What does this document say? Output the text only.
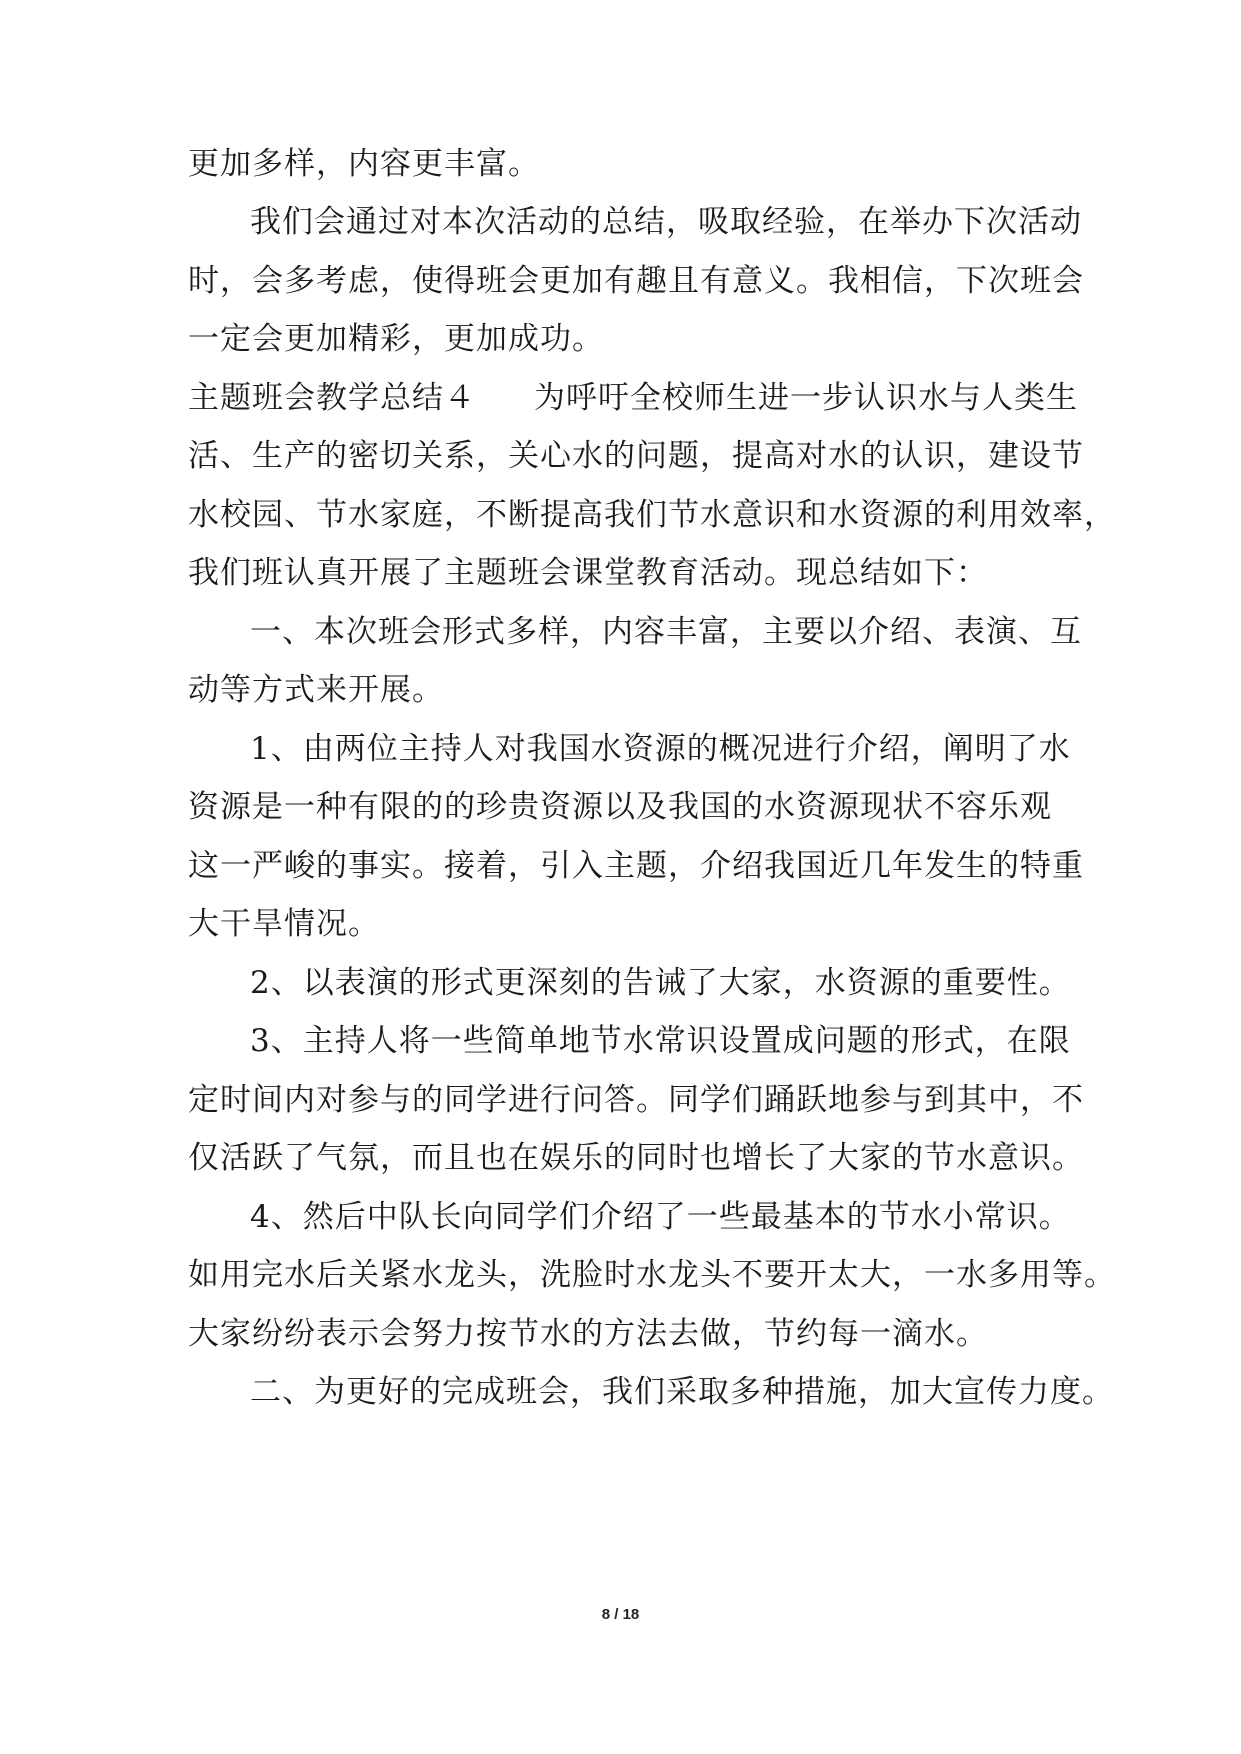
更加多样，内容更丰富。
我们会通过对本次活动的总结，吸取经验，在举办下次活动
时，会多考虑，使得班会更加有趣且有意义。我相信，下次班会
一定会更加精彩，更加成功。
主题班会教学总结４ 为呼吁全校师生进一步认识水与人类生
活、生产的密切关系，关心水的问题，提高对水的认识，建设节
水校园、节水家庭，不断提高我们节水意识和水资源的利用效率，
我们班认真开展了主题班会课堂教育活动。现总结如下：
一、本次班会形式多样，内容丰富，主要以介绍、表演、互
动等方式来开展。
1、由两位主持人对我国水资源的概况进行介绍，阐明了水
资源是一种有限的的珍贵资源以及我国的水资源现状不容乐观
这一严峻的事实。接着，引入主题，介绍我国近几年发生的特重
大干旱情况。
2、以表演的形式更深刻的告诫了大家，水资源的重要性。
3、主持人将一些简单地节水常识设置成问题的形式，在限
定时间内对参与的同学进行问答。同学们踊跃地参与到其中，不
仅活跃了气氛，而且也在娱乐的同时也增长了大家的节水意识。
4、然后中队长向同学们介绍了一些最基本的节水小常识。
如用完水后关紧水龙头，洗脸时水龙头不要开太大，一水多用等。
大家纷纷表示会努力按节水的方法去做，节约每一滴水。
二、为更好的完成班会，我们采取多种措施，加大宣传力度。
8 / 18
